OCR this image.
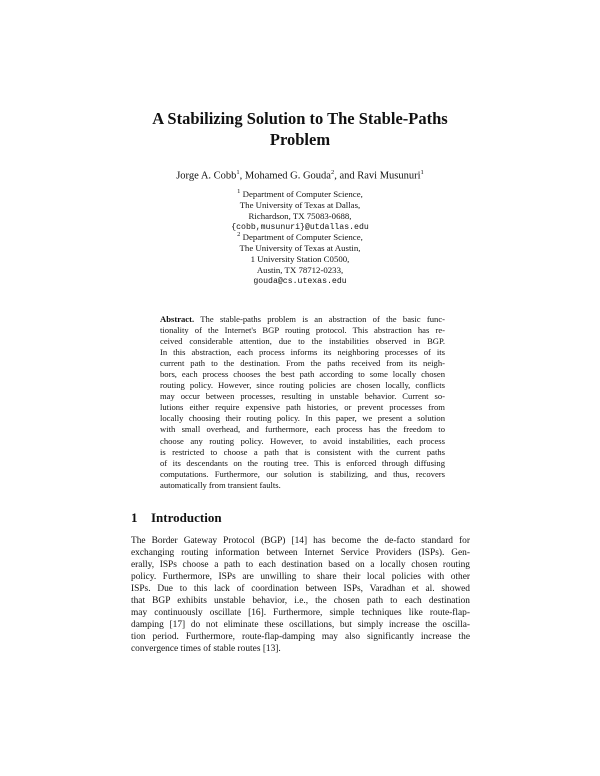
A Stabilizing Solution to The Stable-Paths
Problem
Jorge A. Cobb$^1$, Mohamed G. Gouda$^2$, and Ravi Musunuri$^1$
$^1$ Department of Computer Science,
The University of Texas at Dallas,
Richardson, TX 75083-0688,
{cobb,musunuri}@utdallas.edu
$^2$ Department of Computer Science,
The University of Texas at Austin,
1 University Station C0500,
Austin, TX 78712-0233,
gouda@cs.utexas.edu
Abstract. The stable-paths problem is an abstraction of the basic func-
tionality of the Internet's BGP routing protocol. This abstraction has re-
ceived considerable attention, due to the instabilities observed in BGP.
In this abstraction, each process informs its neighboring processes of its
current path to the destination. From the paths received from its neigh-
bors, each process chooses the best path according to some locally chosen
routing policy. However, since routing policies are chosen locally, conflicts
may occur between processes, resulting in unstable behavior. Current so-
lutions either require expensive path histories, or prevent processes from
locally choosing their routing policy. In this paper, we present a solution
with small overhead, and furthermore, each process has the freedom to
choose any routing policy. However, to avoid instabilities, each process
is restricted to choose a path that is consistent with the current paths
of its descendants on the routing tree. This is enforced through diffusing
computations. Furthermore, our solution is stabilizing, and thus, recovers
automatically from transient faults.
1 Introduction
The Border Gateway Protocol (BGP) [14] has become the de-facto standard for
exchanging routing information between Internet Service Providers (ISPs). Gen-
erally, ISPs choose a path to each destination based on a locally chosen routing
policy. Furthermore, ISPs are unwilling to share their local policies with other
ISPs. Due to this lack of coordination between ISPs, Varadhan et al. showed
that BGP exhibits unstable behavior, i.e., the chosen path to each destination
may continuously oscillate [16]. Furthermore, simple techniques like route-flap-
damping [17] do not eliminate these oscillations, but simply increase the oscilla-
tion period. Furthermore, route-flap-damping may also significantly increase the
convergence times of stable routes [13].
